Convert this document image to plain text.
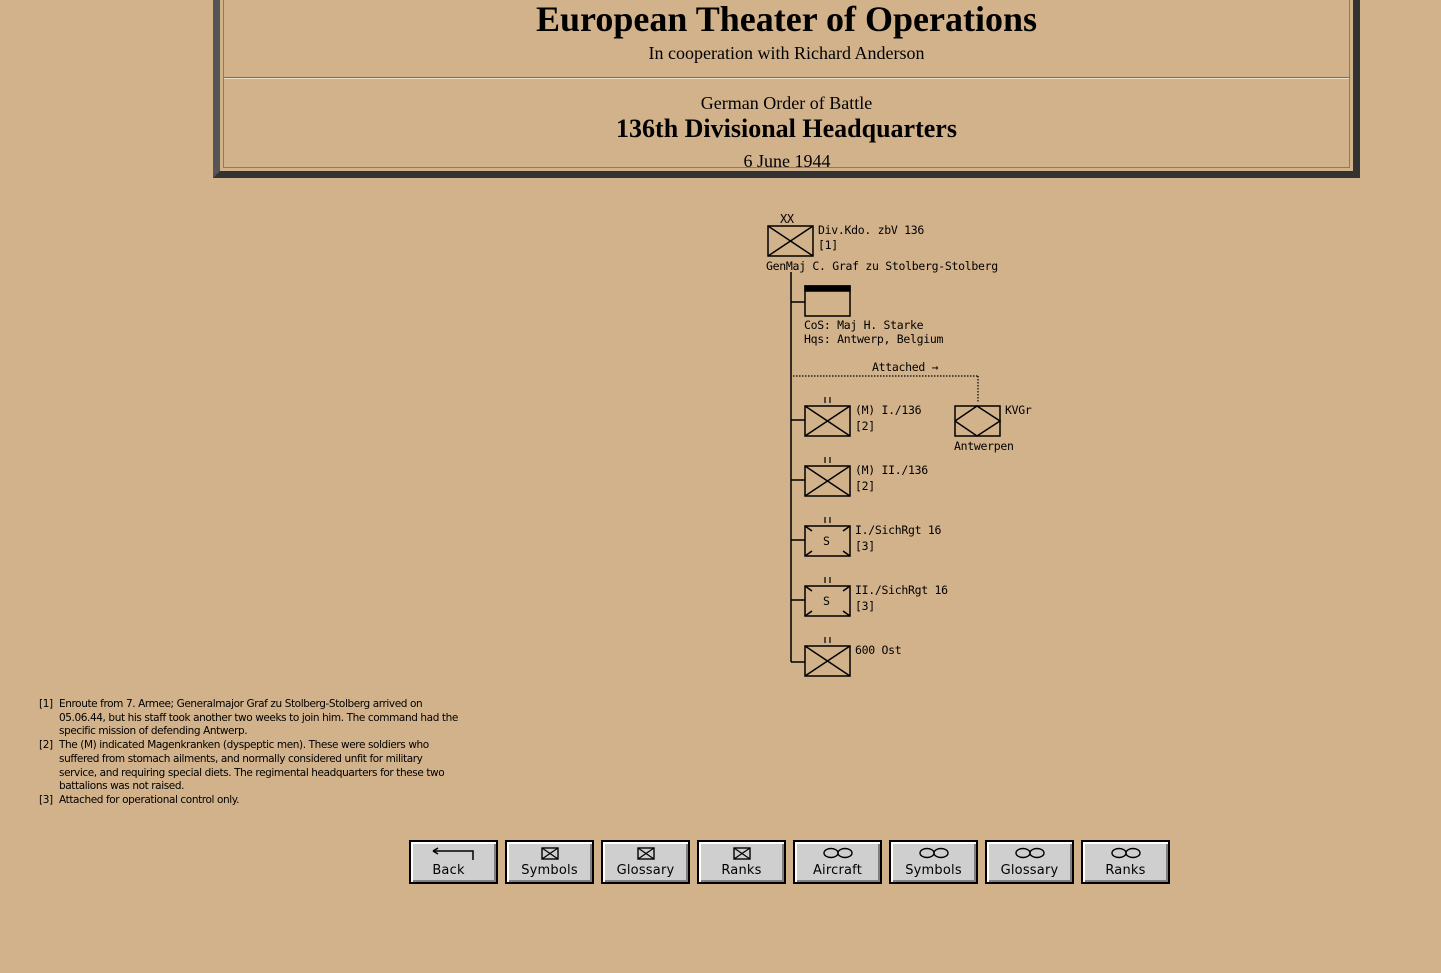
European Theater of Operations
In cooperation with Richard Anderson
German Order of Battle
136th Divisional Headquarters
6 June 1944
XX
Div.Kdo. zbV 136
[1]
GenMaj C. Graf zu Stolberg-Stolberg
CoS: Maj H. Starke
Hqs: Antwerp, Belgium
Attached →
(M) I./136
[2]
(M) II./136
[2]
S
I./SichRgt 16
[3]
S
II./SichRgt 16
[3]
600 Ost
KVGr
Antwerpen
[1] Enroute from 7. Armee; Generalmajor Graf zu Stolberg-Stolberg arrived on 05.06.44, but his staff took another two weeks to join him. The command had the specific mission of defending Antwerp.
[2] The (M) indicated Magenkranken (dyspeptic men). These were soldiers who suffered from stomach ailments, and normally considered unfit for military service, and requiring special diets. The regimental headquarters for these two battalions was not raised.
[3] Attached for operational control only.
Back	Symbols	Glossary	Ranks	Aircraft	Symbols	Glossary	Ranks
